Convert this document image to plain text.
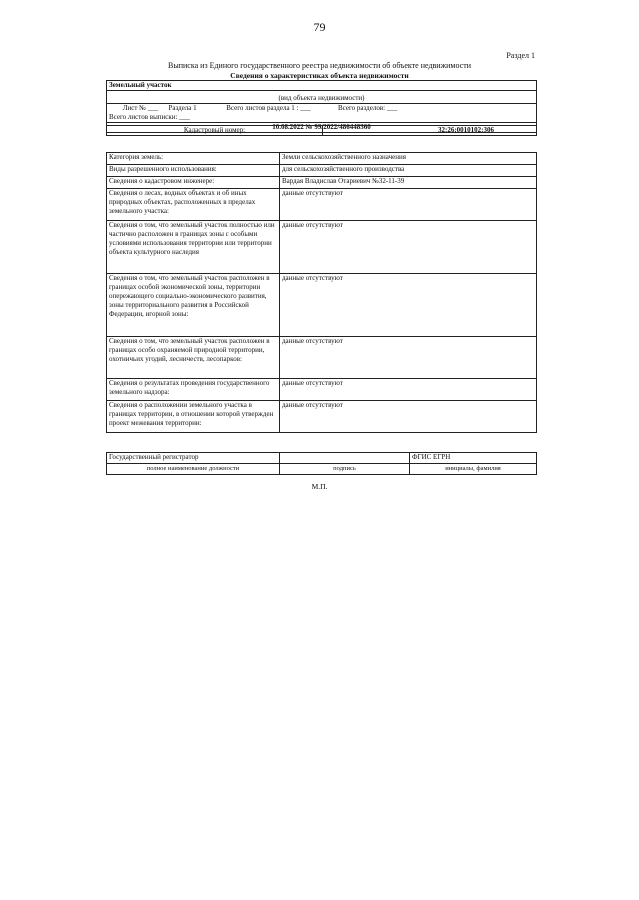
79
Раздел 1
Выписка из Единого государственного реестра недвижимости об объекте недвижимости
Сведения о характеристиках объекта недвижимости
Земельный участок
(вид объекта недвижимости)
Лист № ___ Раздела 1	Всего листов раздела 1 : ___	Всего разделов: ___ Всего листов выписки: ___
10.08.2022 № 99/2022/486448360
Кадастровый номер:	32:26:0010102:306
Категория земель:	Земли сельскохозяйственного назначения
Виды разрешенного использования:	для сельскохозяйственного производства
Сведения о кадастровом инженере:	Вардая Владислав Отариевич №32-11-39
Сведения о лесах, водных объектах и об иных природных объектах, расположенных в пределах земельного участка:	данные отсутствуют
Сведения о том, что земельный участок полностью или частично расположен в границах зоны с особыми условиями использования территории или территории объекта культурного наследия	данные отсутствуют
Сведения о том, что земельный участок расположен в границах особой экономической зоны, территории опережающего социально-экономического развития, зоны территориального развития в Российской Федерации, игорной зоны:	данные отсутствуют
Сведения о том, что земельный участок расположен в границах особо охраняемой природной территории, охотничьих угодий, лесничеств, лесопарков:	данные отсутствуют
Сведения о результатах проведения государственного земельного надзора:	данные отсутствуют
Сведения о расположении земельного участка в границах территории, в отношении которой утвержден проект межевания территории:	данные отсутствуют
Государственный регистратор		ФГИС ЕГРН
полное наименование должности	подпись	инициалы, фамилия
М.П.
